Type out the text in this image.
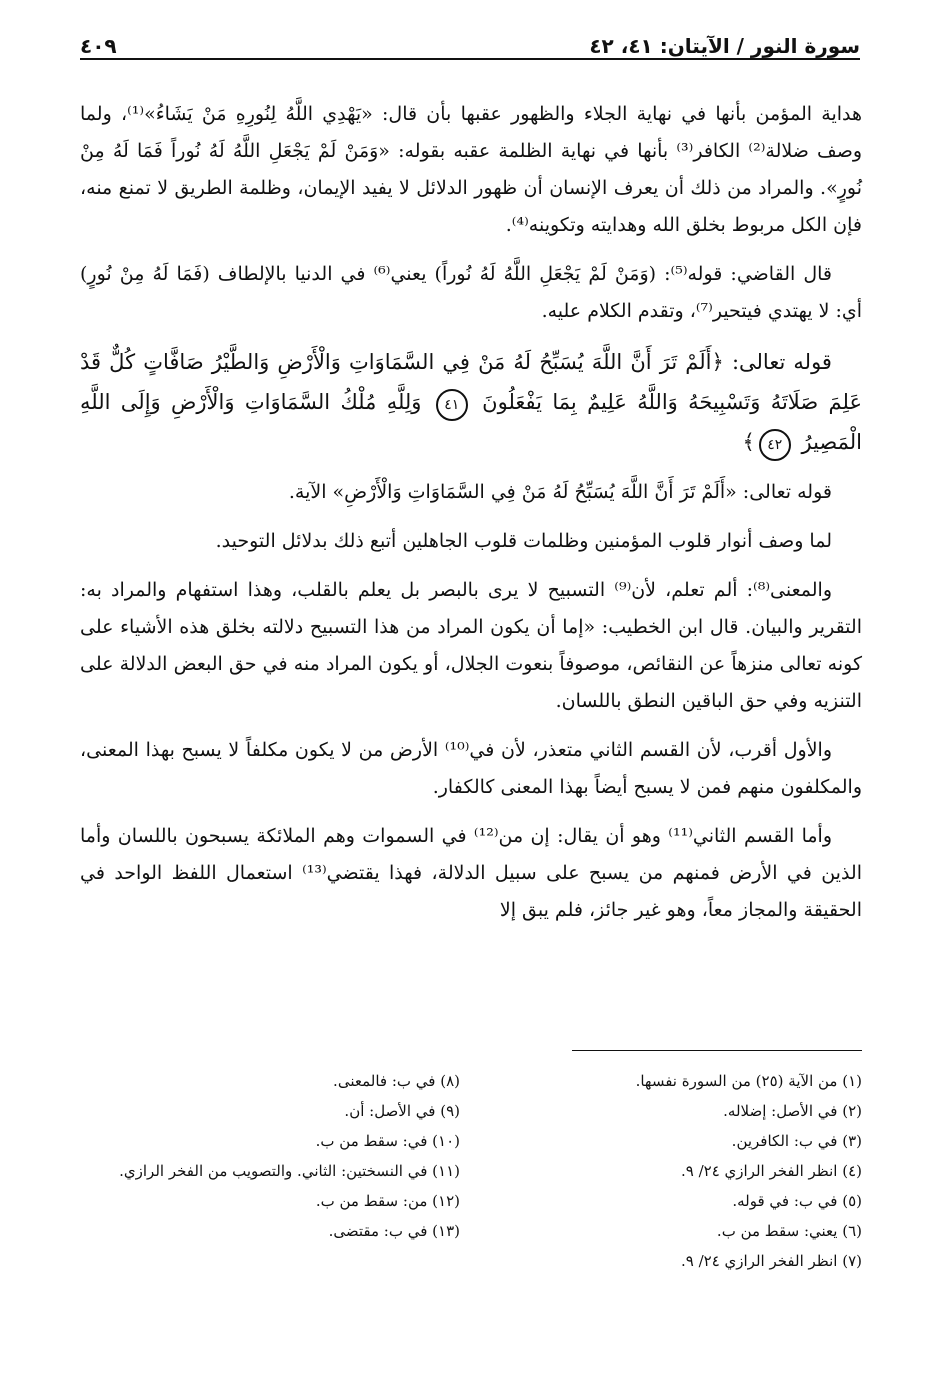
سورة النور / الآيتان: ٤١، ٤٢
٤٠٩

هداية المؤمن بأنها في نهاية الجلاء والظهور عقبها بأن قال: «يَهْدِي اللَّهُ لِنُورِهِ مَنْ يَشَاءُ»⁽¹⁾، ولما وصف ضلالة⁽²⁾ الكافر⁽³⁾ بأنها في نهاية الظلمة عقبه بقوله: «وَمَنْ لَمْ يَجْعَلِ اللَّهُ لَهُ نُوراً فَمَا لَهُ مِنْ نُورٍ». والمراد من ذلك أن يعرف الإنسان أن ظهور الدلائل لا يفيد الإيمان، وظلمة الطريق لا تمنع منه، فإن الكل مربوط بخلق الله وهدايته وتكوينه⁽⁴⁾.

قال القاضي: قوله⁽⁵⁾: (وَمَنْ لَمْ يَجْعَلِ اللَّهُ لَهُ نُوراً) يعني⁽⁶⁾ في الدنيا بالإلطاف (فَمَا لَهُ مِنْ نُورٍ) أي: لا يهتدي فيتحير⁽⁷⁾، وتقدم الكلام عليه.

قوله تعالى: ﴿أَلَمْ تَرَ أَنَّ اللَّهَ يُسَبِّحُ لَهُ مَنْ فِي السَّمَاوَاتِ وَالْأَرْضِ وَالطَّيْرُ صَافَّاتٍ كُلٌّ قَدْ عَلِمَ صَلَاتَهُ وَتَسْبِيحَهُ وَاللَّهُ عَلِيمٌ بِمَا يَفْعَلُونَ ٤١ وَلِلَّهِ مُلْكُ السَّمَاوَاتِ وَالْأَرْضِ وَإِلَى اللَّهِ الْمَصِيرُ ٤٢﴾

قوله تعالى: «أَلَمْ تَرَ أَنَّ اللَّهَ يُسَبِّحُ لَهُ مَنْ فِي السَّمَاوَاتِ وَالْأَرْضِ» الآية.

لما وصف أنوار قلوب المؤمنين وظلمات قلوب الجاهلين أتبع ذلك بدلائل التوحيد.

والمعنى⁽⁸⁾: ألم تعلم، لأن⁽⁹⁾ التسبيح لا يرى بالبصر بل يعلم بالقلب، وهذا استفهام والمراد به: التقرير والبيان. قال ابن الخطيب: «إما أن يكون المراد من هذا التسبيح دلالته بخلق هذه الأشياء على كونه تعالى منزهاً عن النقائص، موصوفاً بنعوت الجلال، أو يكون المراد منه في حق البعض الدلالة على التنزيه وفي حق الباقين النطق باللسان.

والأول أقرب، لأن القسم الثاني متعذر، لأن في⁽¹⁰⁾ الأرض من لا يكون مكلفاً لا يسبح بهذا المعنى، والمكلفون منهم فمن لا يسبح أيضاً بهذا المعنى كالكفار.

وأما القسم الثاني⁽¹¹⁾ وهو أن يقال: إن من⁽¹²⁾ في السموات وهم الملائكة يسبحون باللسان وأما الذين في الأرض فمنهم من يسبح على سبيل الدلالة، فهذا يقتضي⁽¹³⁾ استعمال اللفظ الواحد في الحقيقة والمجاز معاً، وهو غير جائز، فلم يبق إلا

(١) من الآية (٢٥) من السورة نفسها.

(٢) في الأصل: إضلاله.

(٣) في ب: الكافرين.

(٤) انظر الفخر الرازي ٢٤/ ٩.

(٥) في ب: في قوله.

(٦) يعني: سقط من ب.

(٧) انظر الفخر الرازي ٢٤/ ٩.

(٨) في ب: فالمعنى.

(٩) في الأصل: أن.

(١٠) في: سقط من ب.

(١١) في النسختين: الثاني. والتصويب من الفخر الرازي.

(١٢) من: سقط من ب.

(١٣) في ب: مقتضى.
